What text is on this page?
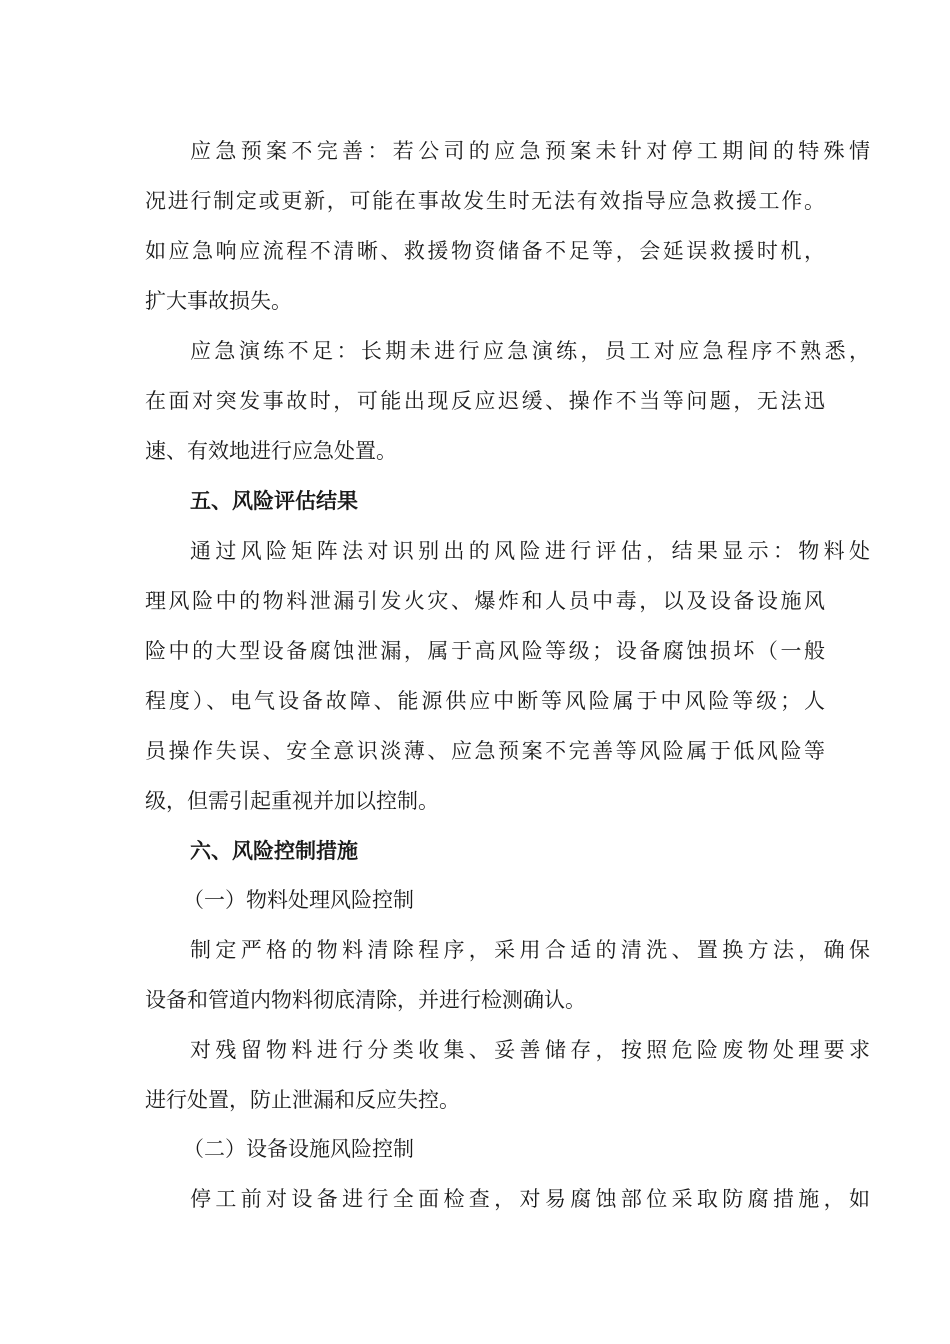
应急预案不完善：若公司的应急预案未针对停工期间的特殊情
况进行制定或更新，可能在事故发生时无法有效指导应急救援工作。
如应急响应流程不清晰、救援物资储备不足等，会延误救援时机，
扩大事故损失。
应急演练不足：长期未进行应急演练，员工对应急程序不熟悉，
在面对突发事故时，可能出现反应迟缓、操作不当等问题，无法迅
速、有效地进行应急处置。
五、风险评估结果
通过风险矩阵法对识别出的风险进行评估，结果显示：物料处
理风险中的物料泄漏引发火灾、爆炸和人员中毒，以及设备设施风
险中的大型设备腐蚀泄漏，属于高风险等级；设备腐蚀损坏（一般
程度）、电气设备故障、能源供应中断等风险属于中风险等级；人
员操作失误、安全意识淡薄、应急预案不完善等风险属于低风险等
级，但需引起重视并加以控制。
六、风险控制措施
（一）物料处理风险控制
制定严格的物料清除程序，采用合适的清洗、置换方法，确保
设备和管道内物料彻底清除，并进行检测确认。
对残留物料进行分类收集、妥善储存，按照危险废物处理要求
进行处置，防止泄漏和反应失控。
（二）设备设施风险控制
停工前对设备进行全面检查，对易腐蚀部位采取防腐措施，如
